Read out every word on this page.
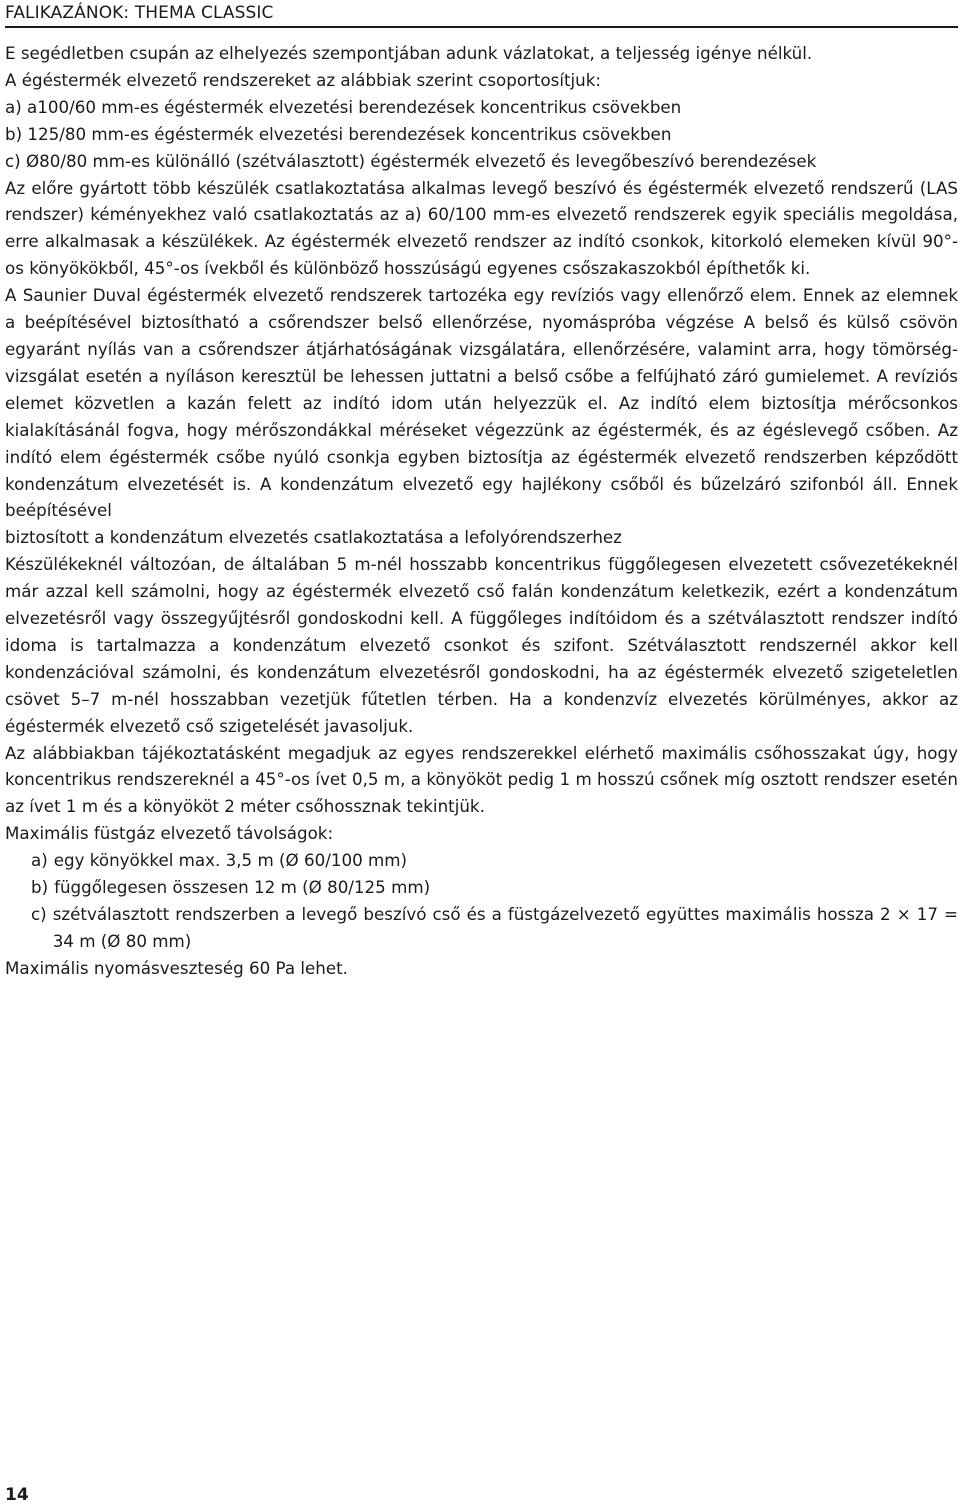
FALIKAZÁNOK: THEMA CLASSIC

E segédletben csupán az elhelyezés szempontjában adunk vázlatokat, a teljesség igénye nélkül.

A égéstermék elvezető rendszereket az alábbiak szerint csoportosítjuk:

a) a100/60 mm-es égéstermék elvezetési berendezések koncentrikus csövekben

b) 125/80 mm-es égéstermék elvezetési berendezések koncentrikus csövekben

c) Ø80/80 mm-es különálló (szétválasztott) égéstermék elvezető és levegőbeszívó berendezések

Az előre gyártott több készülék csatlakoztatása alkalmas levegő beszívó és égéstermék elvezető rendszerű (LAS rendszer) kéményekhez való csatlakoztatás az a) 60/100 mm-es elvezető rendszerek egyik speciális megoldása, erre alkalmasak a készülékek. Az égéstermék elvezető rendszer az indító csonkok, kitorkoló elemeken kívül 90°-os könyökökből, 45°-os ívekből és különböző hosszúságú egyenes csőszakaszokból építhetők ki.

A Saunier Duval égéstermék elvezető rendszerek tartozéka egy revíziós vagy ellenőrző elem. Ennek az elemnek a beépítésével biztosítható a csőrendszer belső ellenőrzése, nyomáspróba végzése A belső és külső csövön egyaránt nyílás van a csőrendszer átjárhatóságának vizsgálatára, ellenőrzésére, valamint arra, hogy tömörség-vizsgálat esetén a nyíláson keresztül be lehessen juttatni a belső csőbe a felfújható záró gumielemet. A revíziós elemet közvetlen a kazán felett az indító idom után helyezzük el. Az indító elem biztosítja mérőcsonkos kialakításánál fogva, hogy mérőszondákkal méréseket végezzünk az égéstermék, és az égéslevegő csőben. Az indító elem égéstermék csőbe nyúló csonkja egyben biztosítja az égéstermék elvezető rendszerben képződött kondenzátum elvezetését is. A kondenzátum elvezető egy hajlékony csőből és bűzelzáró szifonból áll. Ennek beépítésével

biztosított a kondenzátum elvezetés csatlakoztatása a lefolyórendszerhez

Készülékeknél változóan, de általában 5 m-nél hosszabb koncentrikus függőlegesen elvezetett csővezetékeknél már azzal kell számolni, hogy az égéstermék elvezető cső falán kondenzátum keletkezik, ezért a kondenzátum elvezetésről vagy összegyűjtésről gondoskodni kell. A függőleges indítóidom és a szétválasztott rendszer indító idoma is tartalmazza a kondenzátum elvezető csonkot és szifont. Szétválasztott rendszernél akkor kell kondenzációval számolni, és kondenzátum elvezetésről gondoskodni, ha az égéstermék elvezető szigeteletlen csövet 5–7 m-nél hosszabban vezetjük fűtetlen térben. Ha a kondenzvíz elvezetés körülményes, akkor az égéstermék elvezető cső szigetelését javasoljuk.

Az alábbiakban tájékoztatásként megadjuk az egyes rendszerekkel elérhető maximális csőhosszakat úgy, hogy koncentrikus rendszereknél a 45°-os ívet 0,5 m, a könyököt pedig 1 m hosszú csőnek míg osztott rendszer esetén az ívet 1 m és a könyököt 2 méter csőhossznak tekintjük.

Maximális füstgáz elvezető távolságok:

a) egy könyökkel max. 3,5 m (Ø 60/100 mm)
b) függőlegesen összesen 12 m (Ø 80/125 mm)
c) szétválasztott rendszerben a levegő beszívó cső és a füstgázelvezető együttes maximális hossza 2 × 17 = 34 m (Ø 80 mm)

Maximális nyomásveszteség 60 Pa lehet.

14
